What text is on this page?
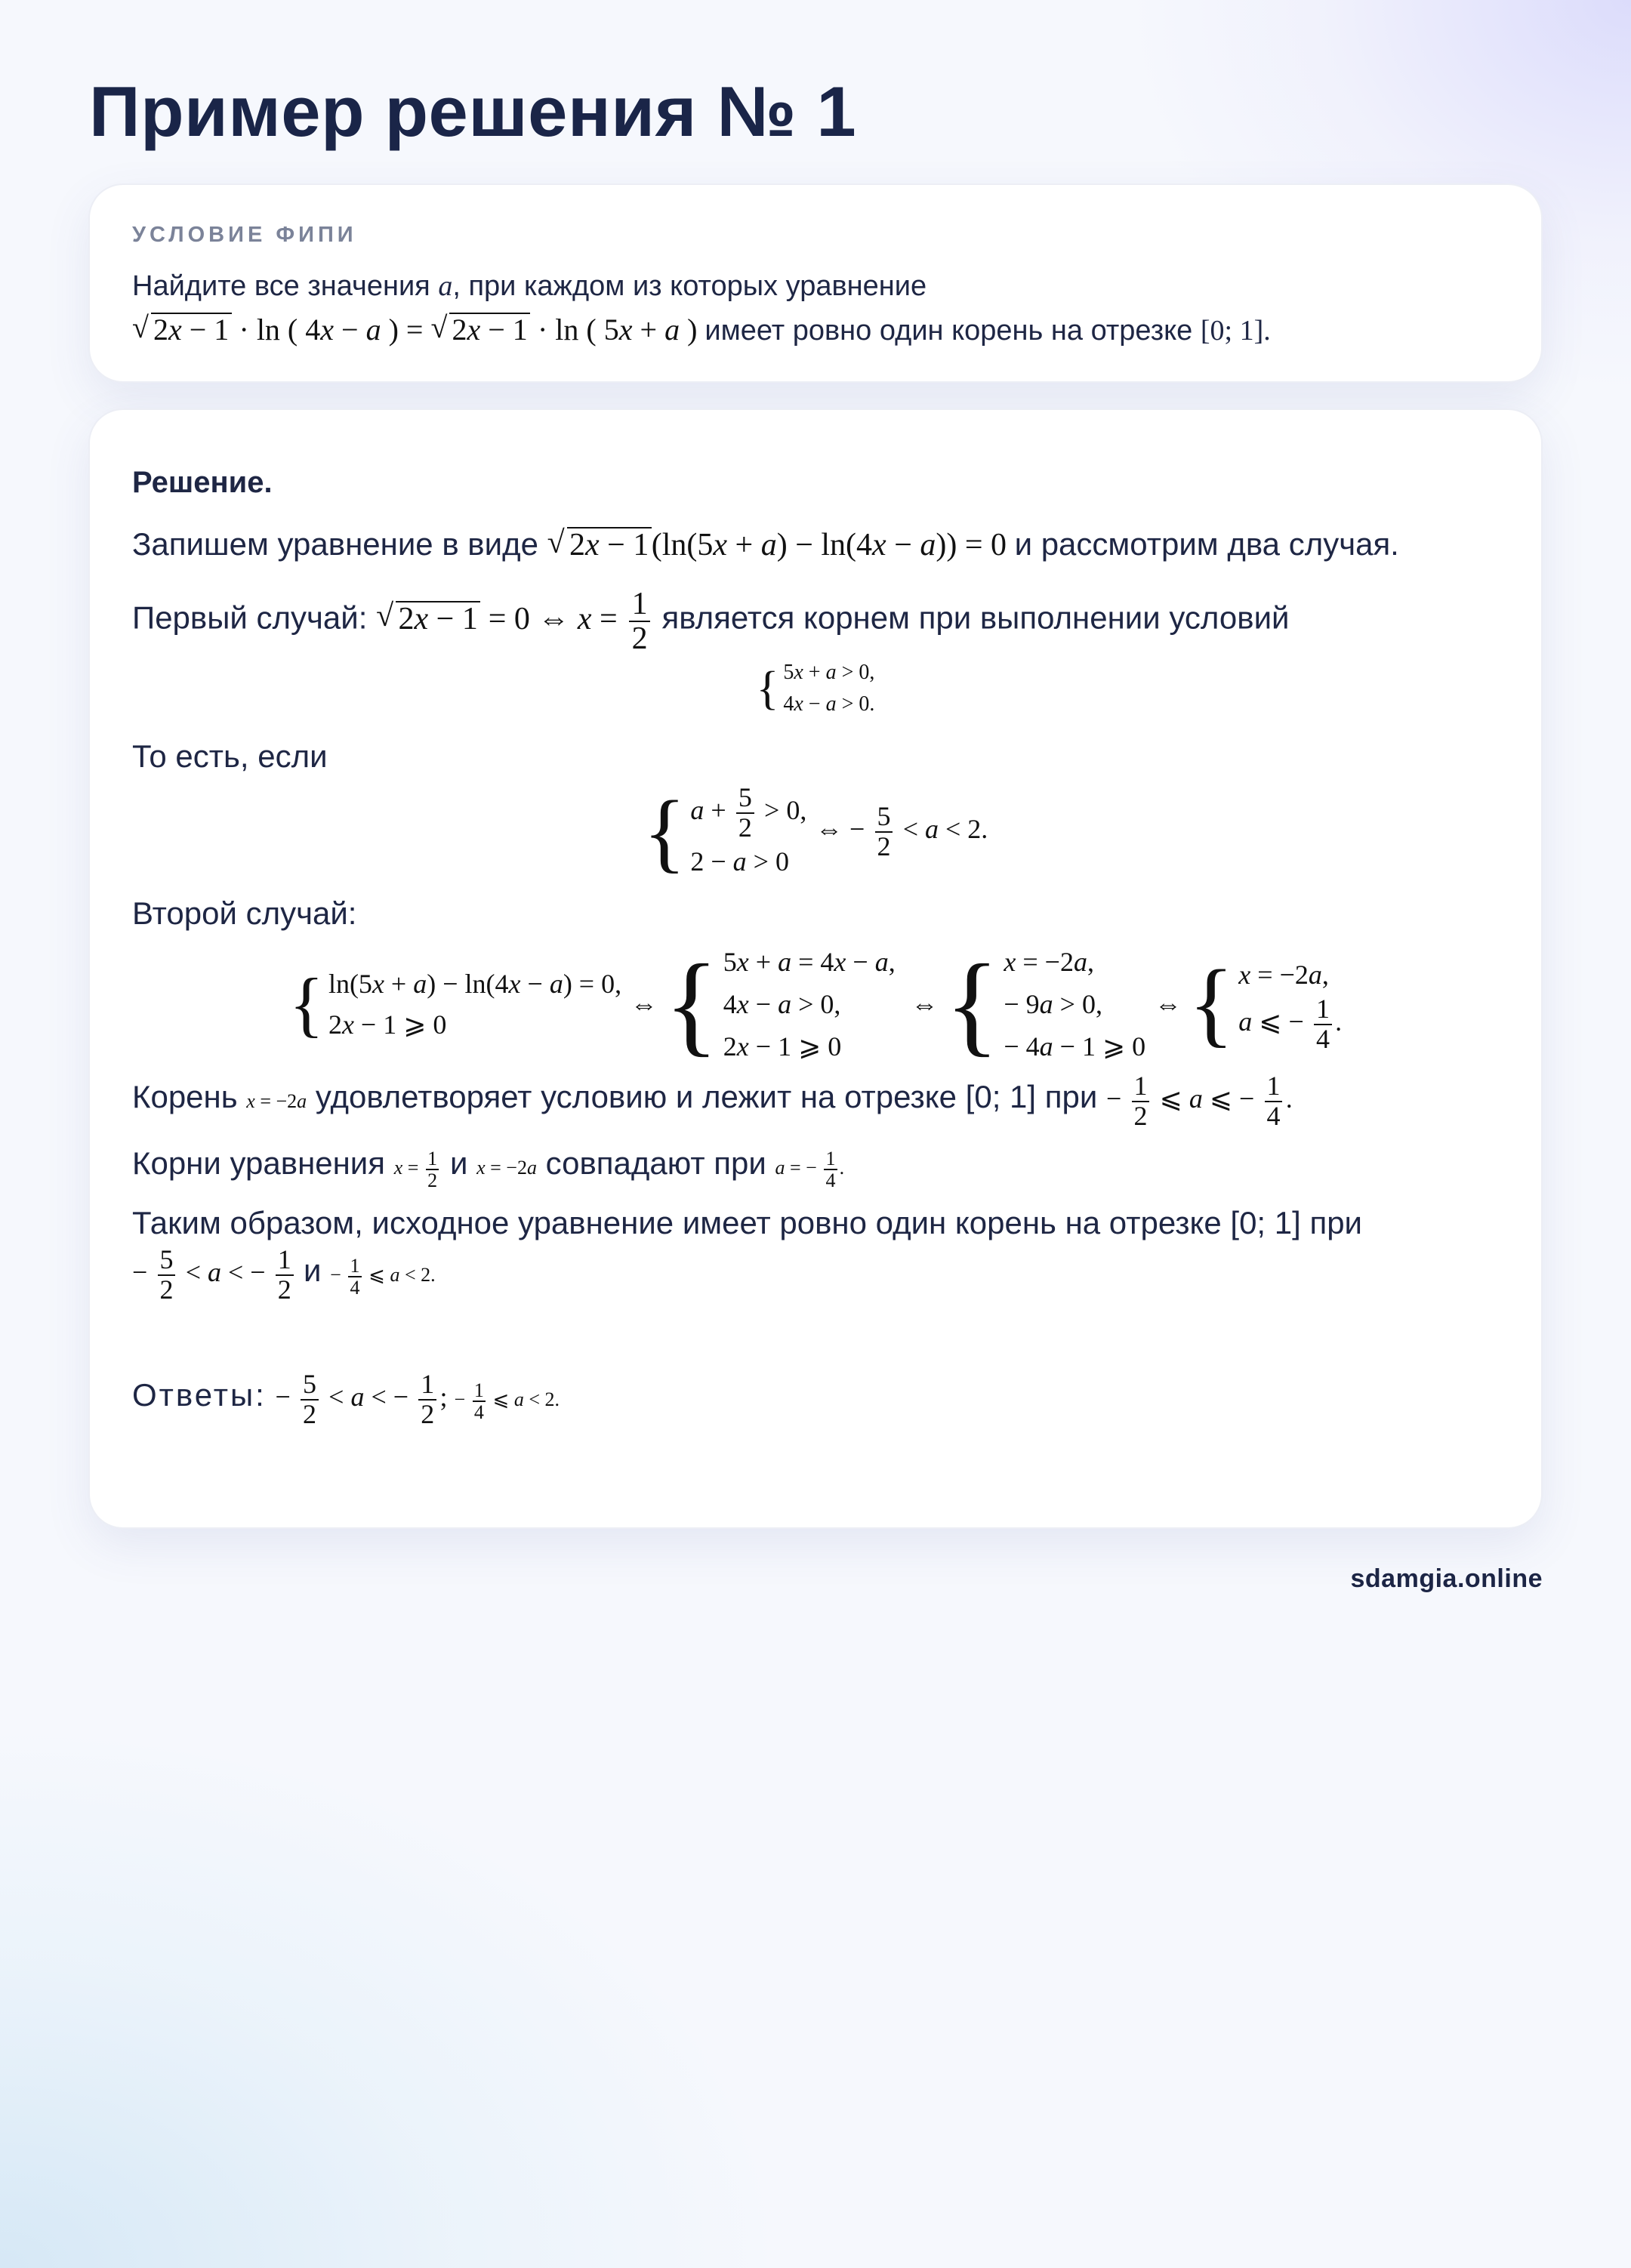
Пример решения № 1
УСЛОВИЕ ФИПИ
Найдите все значения a, при каждом из которых уравнение
√ 2x − 1 · ln ( 4x − a ) = √ 2x − 1 · ln ( 5x + a ) имеет ровно один корень на отрезке [0; 1].

Решение.

Запишем уравнение в виде √ 2x − 1(ln(5x + a) − ln(4x − a)) = 0 и рассмотрим два случая.

Первый случай: √ 2x − 1 = 0 ⇔ $x = \frac{1}{2}$ является корнем при выполнении условий

{ 5x + a > 0,
4x − a > 0.

То есть, если

{ $a + \frac{5}{2} > 0$,
2 − a > 0
⇔ − $\frac{5}{2} < a < 2$.

Второй случай:

{ ln(5x + a) − ln(4x − a) = 0,
2x − 1 ⩾ 0
⇔ { 5x + a = 4x − a,
4x − a > 0,
2x − 1 ⩾ 0
⇔ { x = −2a,
− 9a > 0,
− 4a − 1 ⩾ 0
⇔ { x = −2a,
a ⩽ − $\frac{1}{4}$ .

Корень x = −2a удовлетворяет условию и лежит на отрезке [0; 1] при − $\frac{1}{2}$ ⩽ a ⩽ − $\frac{1}{4}$ .

Корни уравнения $x = \frac{1}{2}$ и x = −2a совпадают при a = − $\frac{1}{4}$ .

Таким образом, исходное уравнение имеет ровно один корень на отрезке [0; 1] при
− $\frac{5}{2} < a$ < − $\frac{1}{2}$ $и - \frac{1}{4}$ ⩽ a < 2.

Ответы: − $\frac{5}{2} < a$ < − $\frac{1}{2}$ ; − $\frac{1}{4}$ ⩽ a < 2.

sdamgia.online
